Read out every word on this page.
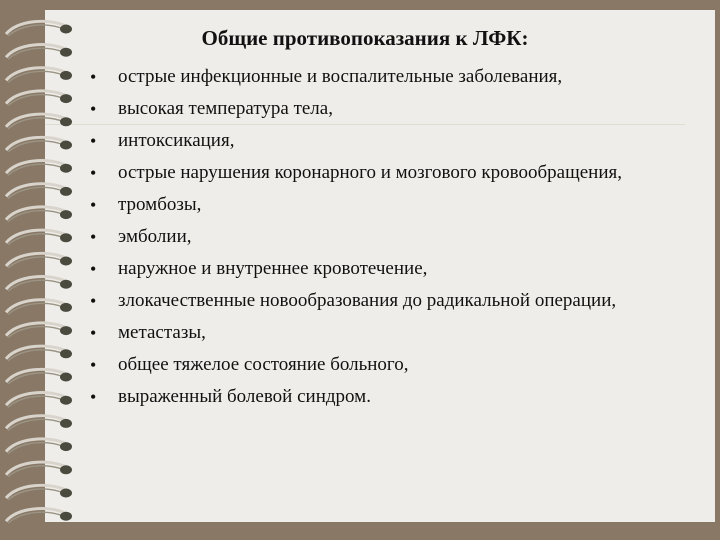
Общие противопоказания к ЛФК:
•	острые инфекционные и воспалительные заболевания,
•	высокая температура тела,
•	интоксикация,
•	острые нарушения коронарного и мозгового кровообращения,
•	тромбозы,
•	эмболии,
•	наружное и внутреннее кровотечение,
•	злокачественные новообразования до радикальной операции,
•	метастазы,
•	общее тяжелое состояние больного,
•	выраженный болевой синдром.
